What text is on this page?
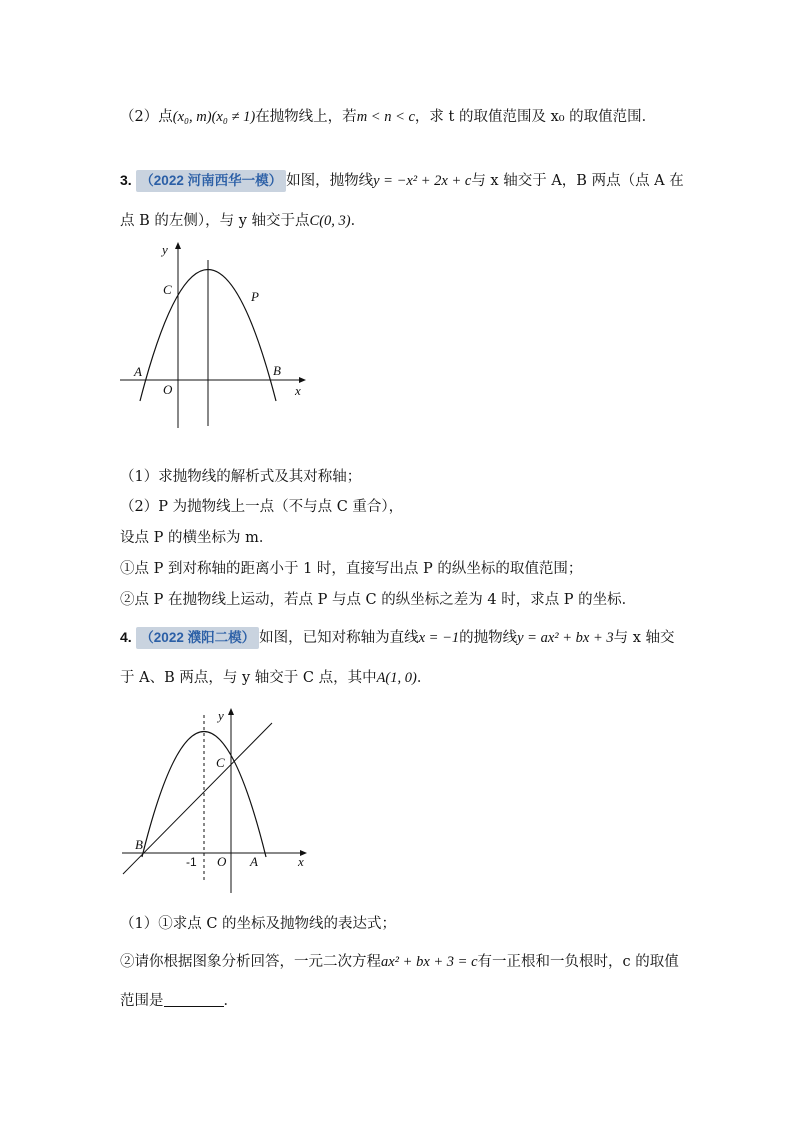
（2）点(x₀, m)(x₀ ≠ 1)在抛物线上，若m < n < c，求 t 的取值范围及 x₀ 的取值范围．
3. （2022 河南西华一模） 如图，抛物线y = −x² + 2x + c与 x 轴交于 A，B 两点（点 A 在
点 B 的左侧），与 y 轴交于点C(0, 3)．
y
C	P
A	B
O	x
（1）求抛物线的解析式及其对称轴；
（2）P 为抛物线上一点（不与点 C 重合），
设点 P 的横坐标为 m．
①点 P 到对称轴的距离小于 1 时，直接写出点 P 的纵坐标的取值范围；
②点 P 在抛物线上运动，若点 P 与点 C 的纵坐标之差为 4 时，求点 P 的坐标．
4. （2022 濮阳二模） 如图，已知对称轴为直线x = −1的抛物线y = ax² + bx + 3与 x 轴交
于 A、B 两点，与 y 轴交于 C 点，其中A(1, 0)．
y
C
B
-1 O A	x
（1）①求点 C 的坐标及抛物线的表达式；
②请你根据图象分析回答，一元二次方程ax² + bx + 3 = c有一正根和一负根时，c 的取值
范围是	．
